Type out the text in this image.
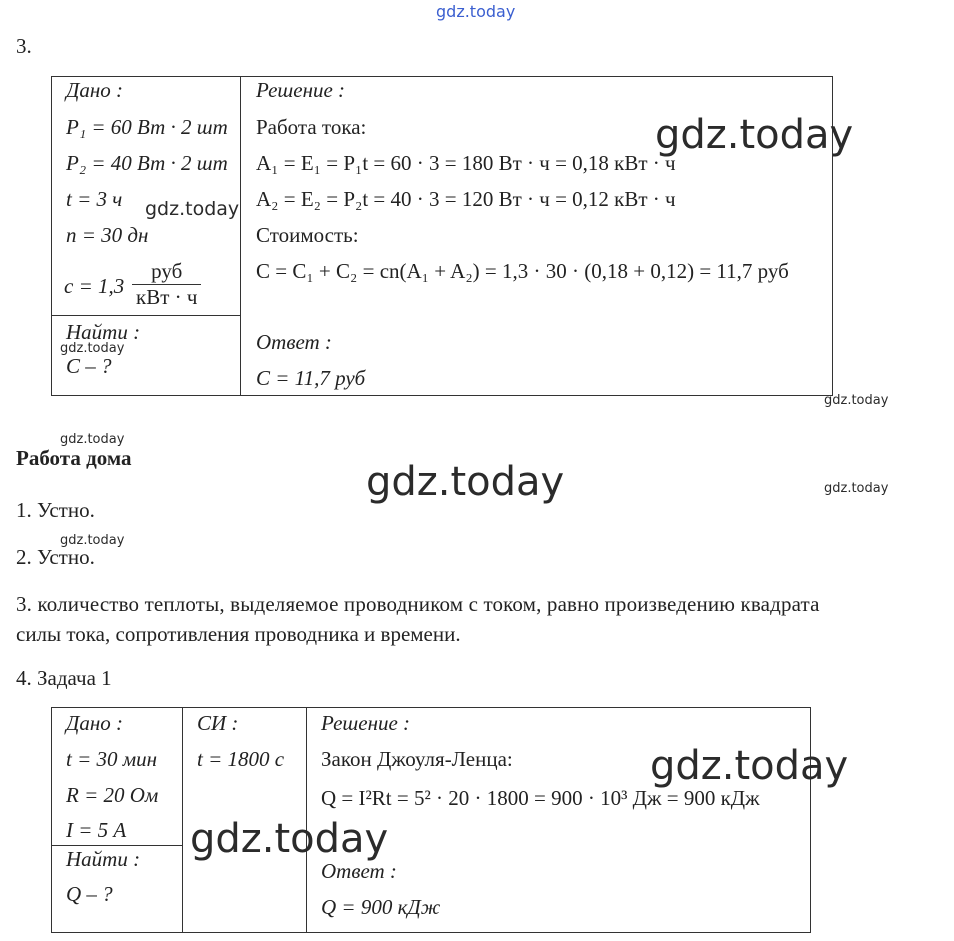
gdz.today
3.
Дано :
P₁ = 60 Вт · 2 шт
P₂ = 40 Вт · 2 шт
t = 3 ч
n = 30 дн
c = 1,3
руб
кВт · ч
Найти :
C – ?
Решение :
Работа тока:
A₁ = E₁ = P₁t = 60 · 3 = 180 Вт · ч = 0,18 кВт · ч
A₂ = E₂ = P₂t = 40 · 3 = 120 Вт · ч = 0,12 кВт · ч
Стоимость:
C = C₁ + C₂ = cn(A₁ + A₂) = 1,3 · 30 · (0,18 + 0,12) = 11,7 руб
Ответ :
C = 11,7 руб
gdz.today
gdz.today
gdz.today
gdz.today
gdz.today
Работа дома
gdz.today	gdz.today
1. Устно.
gdz.today
2. Устно.
3. количество теплоты, выделяемое проводником с током, равно произведению квадрата
силы тока, сопротивления проводника и времени.
4. Задача 1
Дано :
t = 30 мин
R = 20 Ом
I = 5 А
Найти :
Q – ?
СИ :
t = 1800 с
Решение :
Закон Джоуля-Ленца:
Q = I²Rt = 5² · 20 · 1800 = 900 · 10³ Дж = 900 кДж
Ответ :
Q = 900 кДж
gdz.today
gdz.today
